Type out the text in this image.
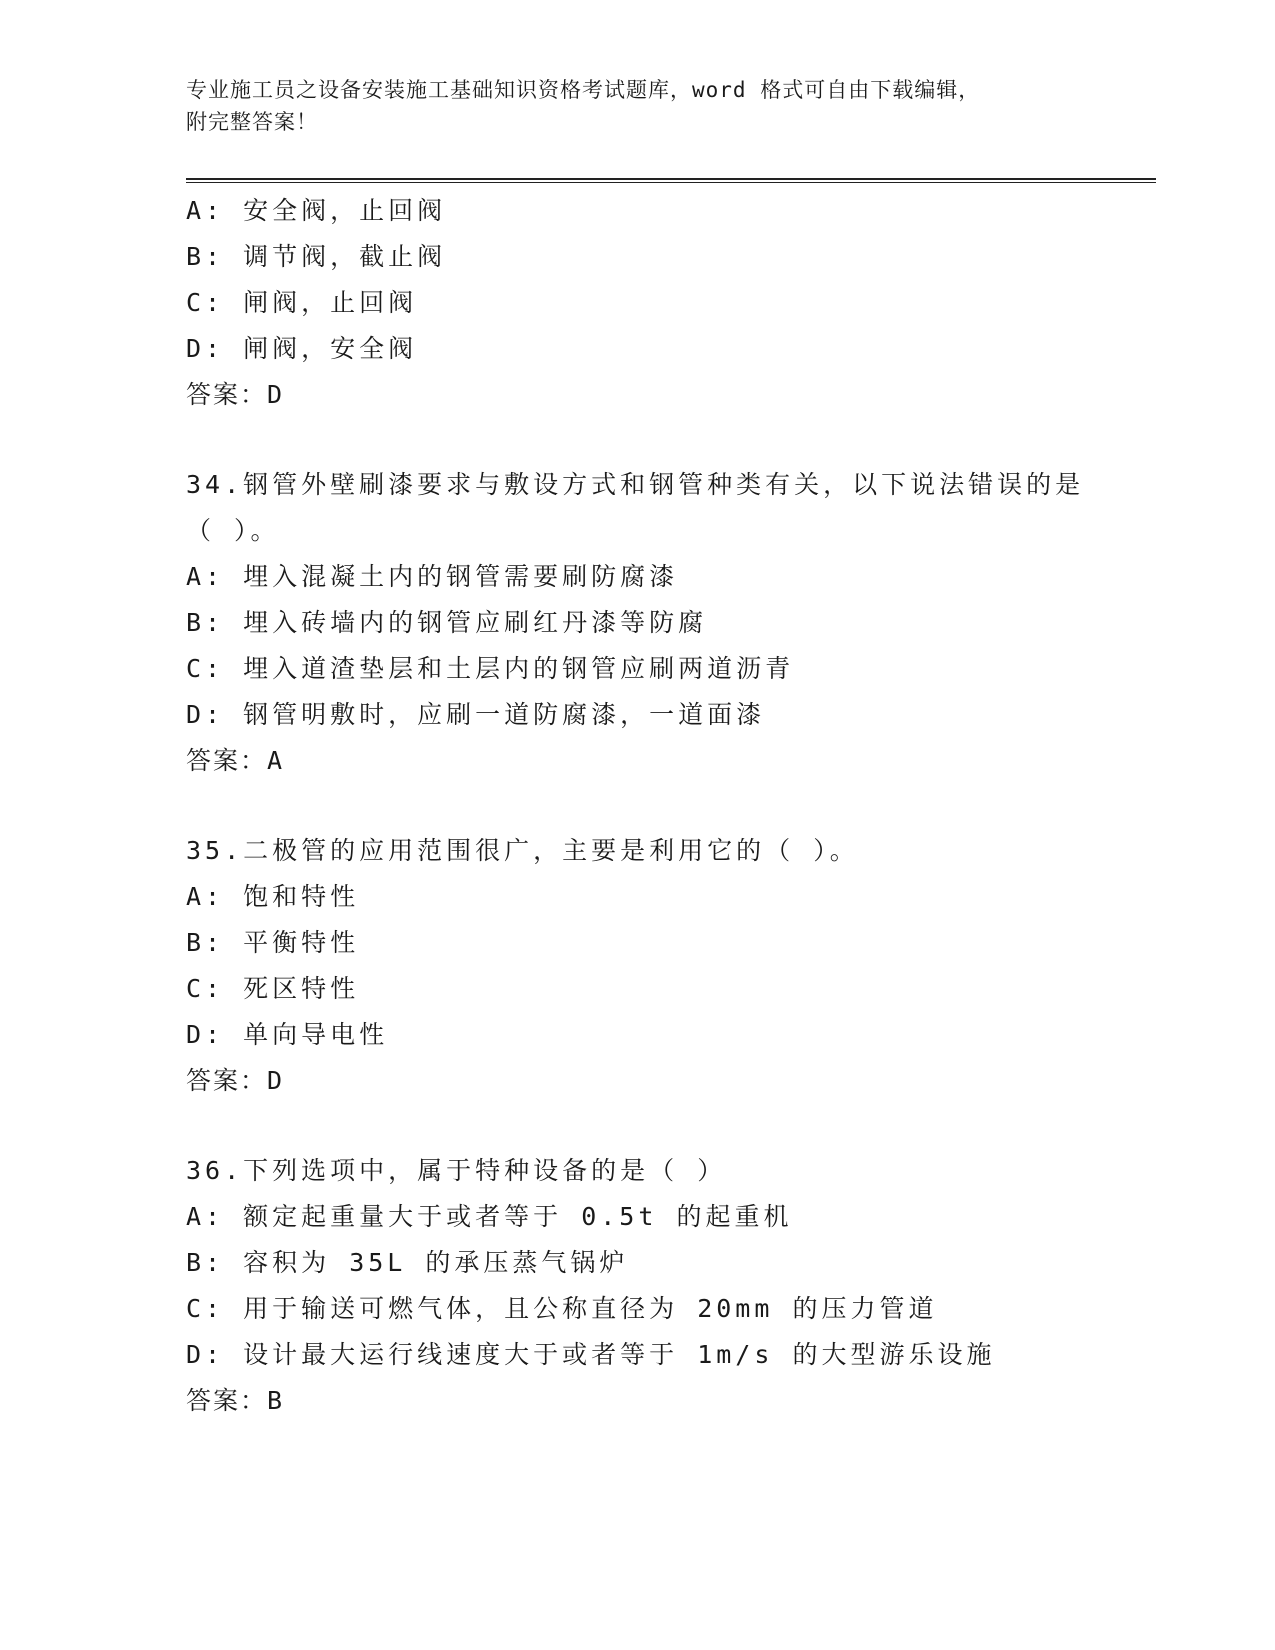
专业施工员之设备安装施工基础知识资格考试题库，word 格式可自由下载编辑，
附完整答案！
A: 安全阀，止回阀
B: 调节阀，截止阀
C: 闸阀，止回阀
D: 闸阀，安全阀
答案：D
34.钢管外壁刷漆要求与敷设方式和钢管种类有关，以下说法错误的是
（ ）。
A: 埋入混凝土内的钢管需要刷防腐漆
B: 埋入砖墙内的钢管应刷红丹漆等防腐
C: 埋入道渣垫层和土层内的钢管应刷两道沥青
D: 钢管明敷时，应刷一道防腐漆，一道面漆
答案：A
35.二极管的应用范围很广，主要是利用它的（ ）。
A: 饱和特性
B: 平衡特性
C: 死区特性
D: 单向导电性
答案：D
36.下列选项中，属于特种设备的是（ ）
A: 额定起重量大于或者等于 0.5t 的起重机
B: 容积为 35L 的承压蒸气锅炉
C: 用于输送可燃气体，且公称直径为 20mm 的压力管道
D: 设计最大运行线速度大于或者等于 1m/s 的大型游乐设施
答案：B
